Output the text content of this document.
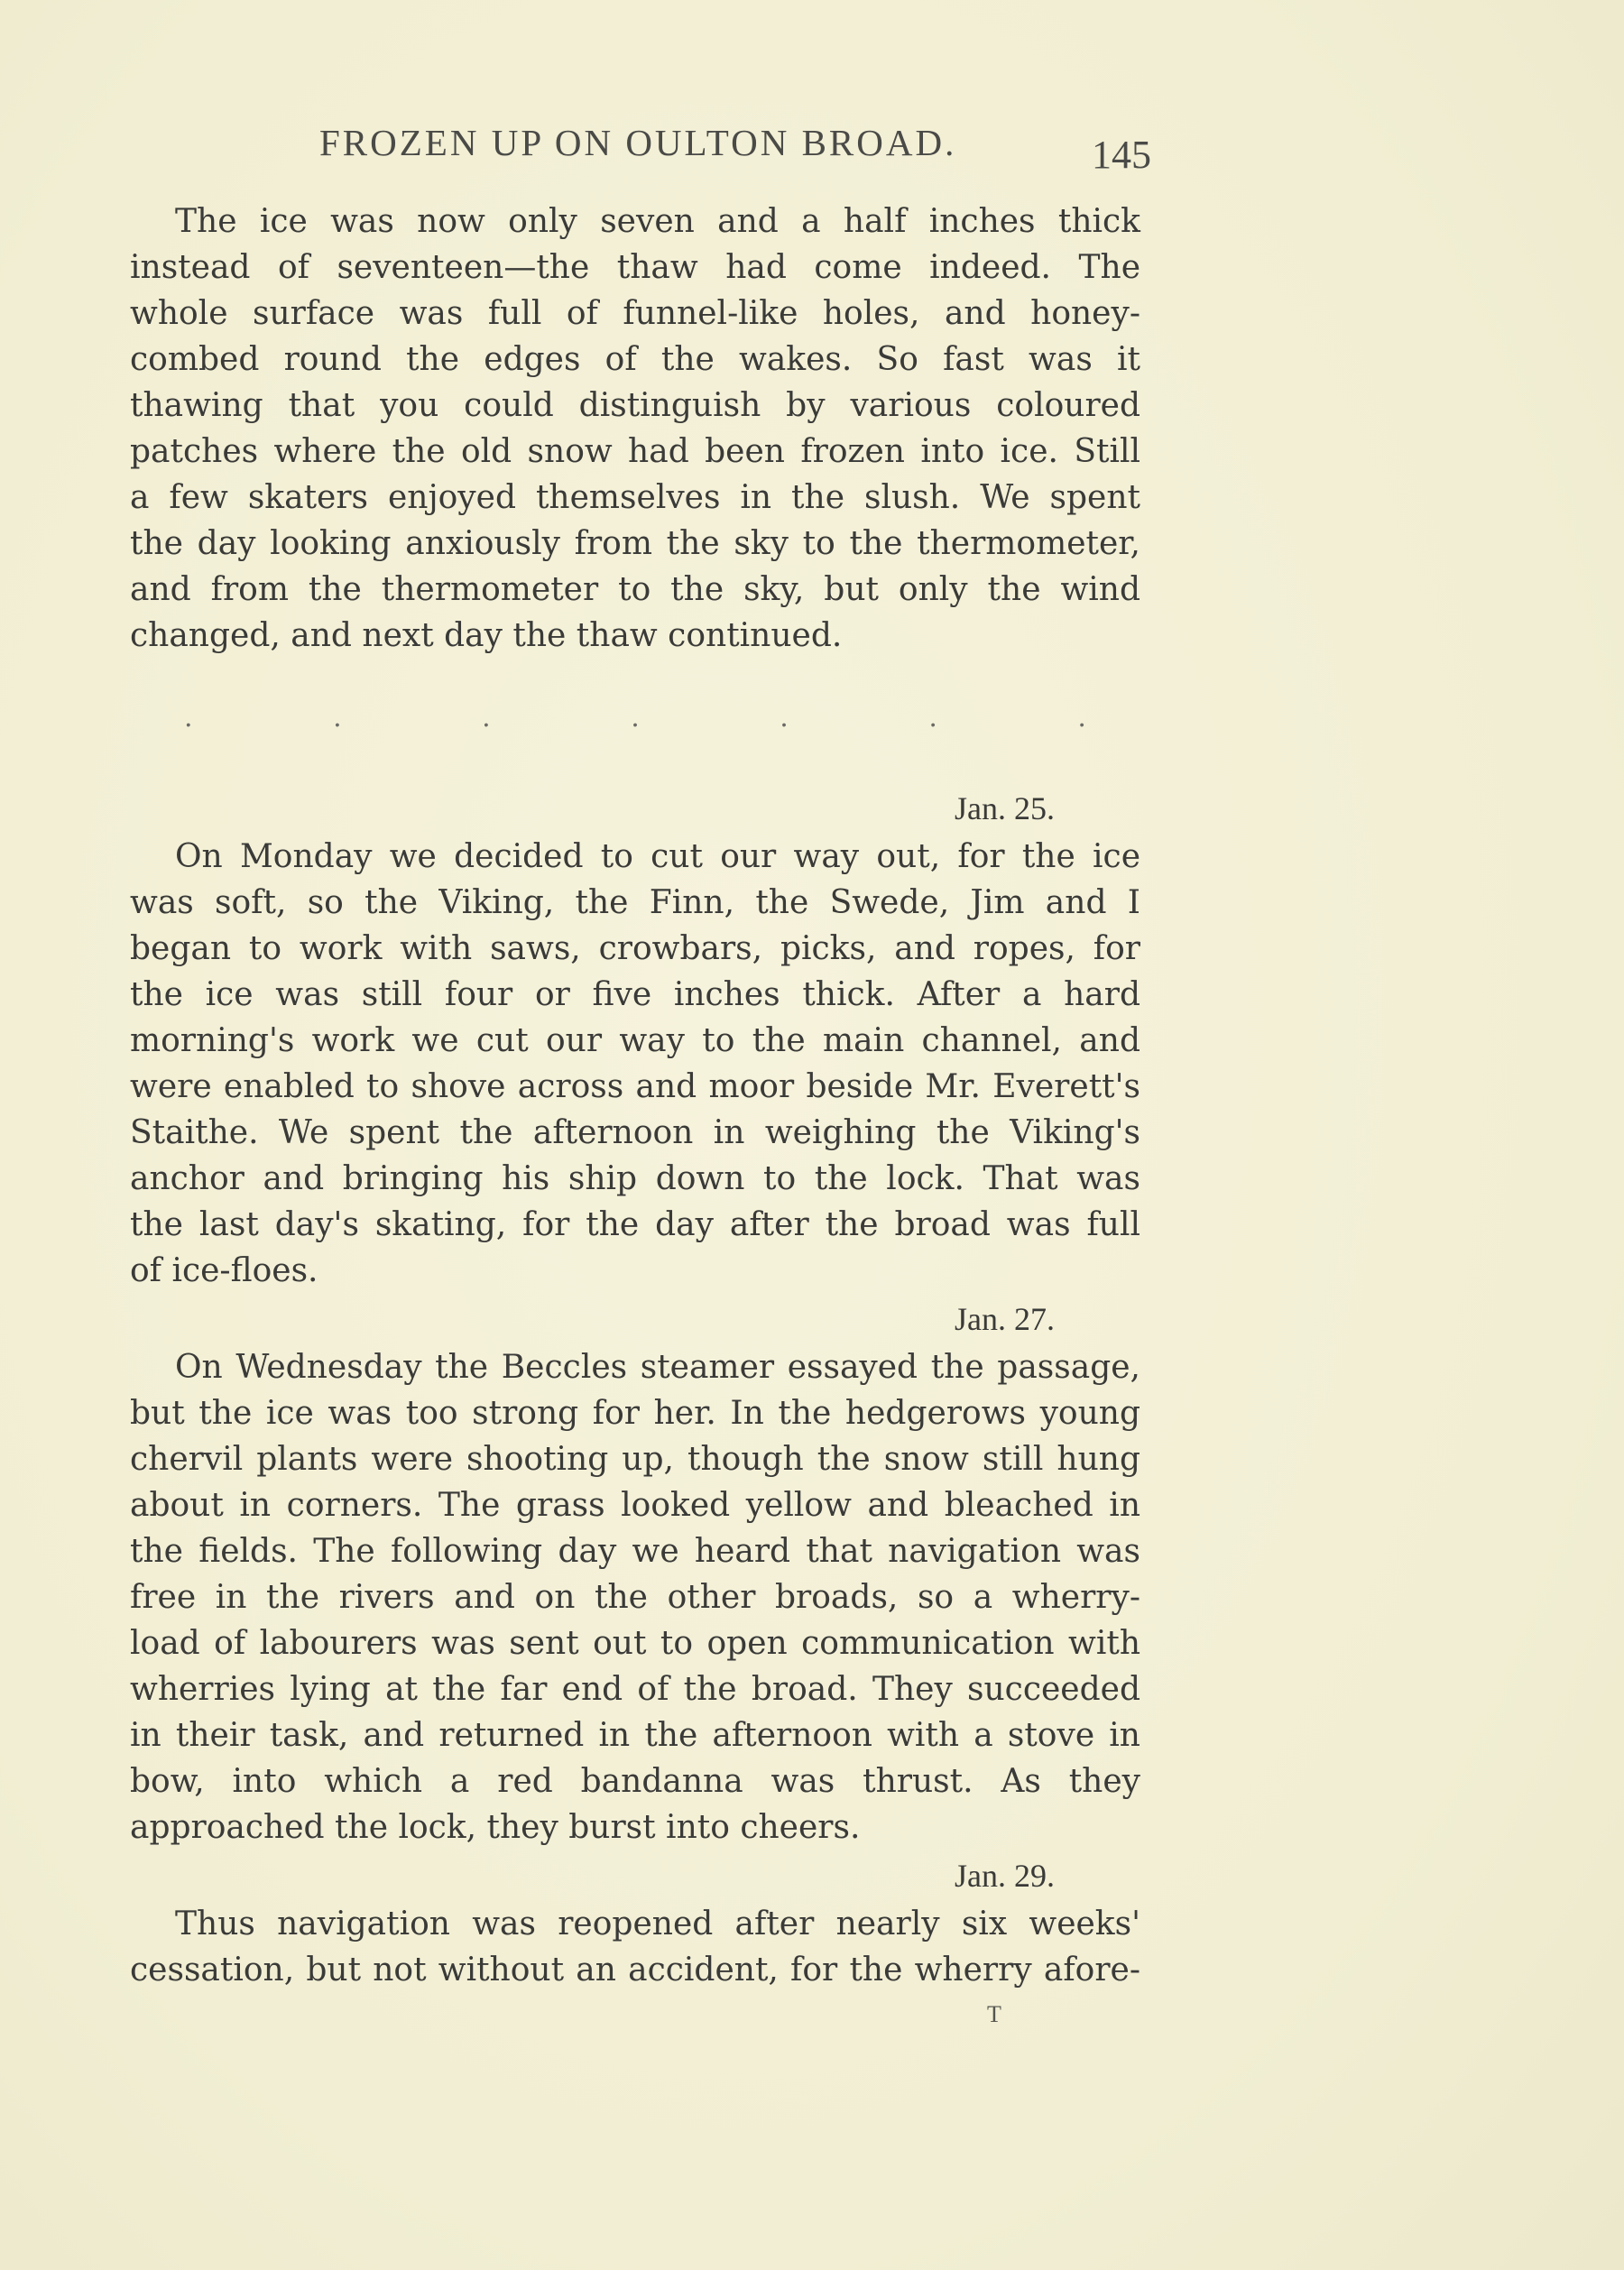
FROZEN UP ON OULTON BROAD.	145
The ice was now only seven and a half inches thick
instead of seventeen—the thaw had come indeed. The
whole surface was full of funnel-like holes, and honey-
combed round the edges of the wakes. So fast was it
thawing that you could distinguish by various coloured
patches where the old snow had been frozen into ice. Still
a few skaters enjoyed themselves in the slush. We spent
the day looking anxiously from the sky to the thermometer,
and from the thermometer to the sky, but only the wind
changed, and next day the thaw continued.
.	.	.	.	.	.	.
Jan. 25.
On Monday we decided to cut our way out, for the ice
was soft, so the Viking, the Finn, the Swede, Jim and I
began to work with saws, crowbars, picks, and ropes, for
the ice was still four or five inches thick. After a hard
morning's work we cut our way to the main channel, and
were enabled to shove across and moor beside Mr. Everett's
Staithe. We spent the afternoon in weighing the Viking's
anchor and bringing his ship down to the lock. That was
the last day's skating, for the day after the broad was full
of ice-floes.
Jan. 27.
On Wednesday the Beccles steamer essayed the passage,
but the ice was too strong for her. In the hedgerows young
chervil plants were shooting up, though the snow still hung
about in corners. The grass looked yellow and bleached in
the fields. The following day we heard that navigation was
free in the rivers and on the other broads, so a wherry-
load of labourers was sent out to open communication with
wherries lying at the far end of the broad. They succeeded
in their task, and returned in the afternoon with a stove in
bow, into which a red bandanna was thrust. As they
approached the lock, they burst into cheers.
Jan. 29.
Thus navigation was reopened after nearly six weeks'
cessation, but not without an accident, for the wherry afore-
T
